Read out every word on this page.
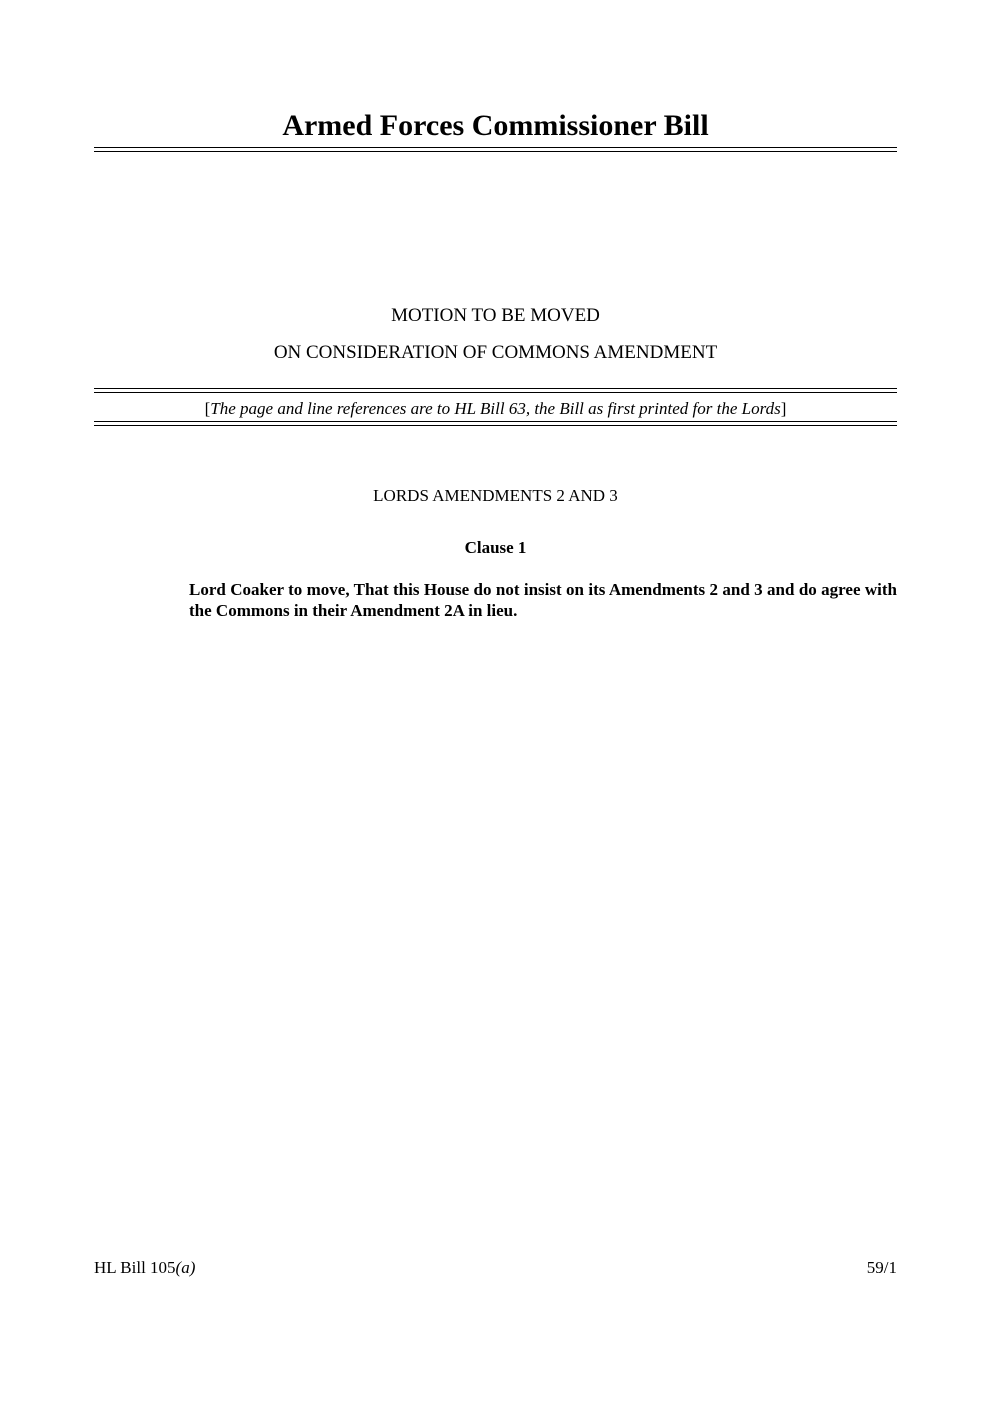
Armed Forces Commissioner Bill
MOTION TO BE MOVED
ON CONSIDERATION OF COMMONS AMENDMENT
[The page and line references are to HL Bill 63, the Bill as first printed for the Lords]
LORDS AMENDMENTS 2 AND 3
Clause 1

Lord Coaker to move, That this House do not insist on its Amendments 2 and 3 and do agree with the Commons in their Amendment 2A in lieu.

HL Bill 105(a)	59/1
